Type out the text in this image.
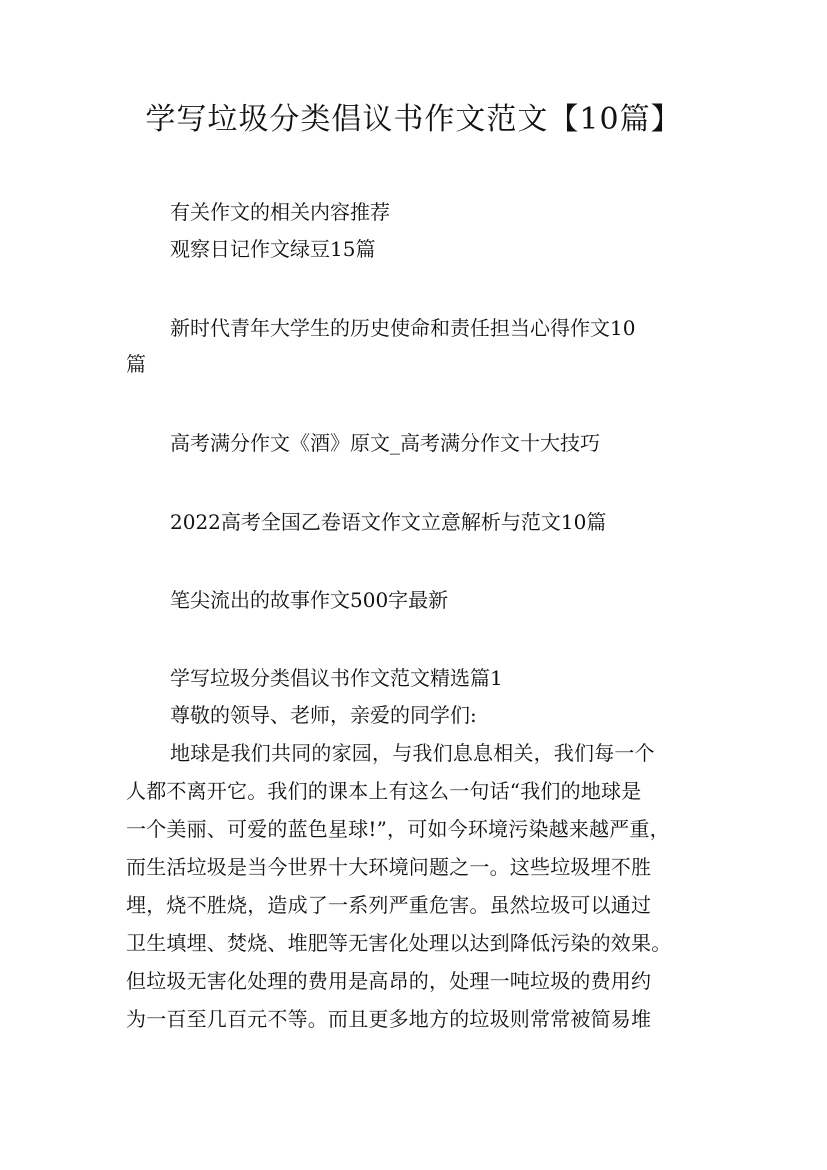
学写垃圾分类倡议书作文范文【10篇】

有关作文的相关内容推荐

观察日记作文绿豆15篇

新时代青年大学生的历史使命和责任担当心得作文10

篇

高考满分作文《酒》原文_高考满分作文十大技巧

2022高考全国乙卷语文作文立意解析与范文10篇

笔尖流出的故事作文500字最新

学写垃圾分类倡议书作文范文精选篇1

尊敬的领导、老师，亲爱的同学们:

地球是我们共同的家园，与我们息息相关，我们每一个

人都不离开它。我们的课本上有这么一句话“我们的地球是

一个美丽、可爱的蓝色星球!”，可如今环境污染越来越严重，

而生活垃圾是当今世界十大环境问题之一。这些垃圾埋不胜

埋，烧不胜烧，造成了一系列严重危害。虽然垃圾可以通过

卫生填埋、焚烧、堆肥等无害化处理以达到降低污染的效果。

但垃圾无害化处理的费用是高昂的，处理一吨垃圾的费用约

为一百至几百元不等。而且更多地方的垃圾则常常被简易堆
